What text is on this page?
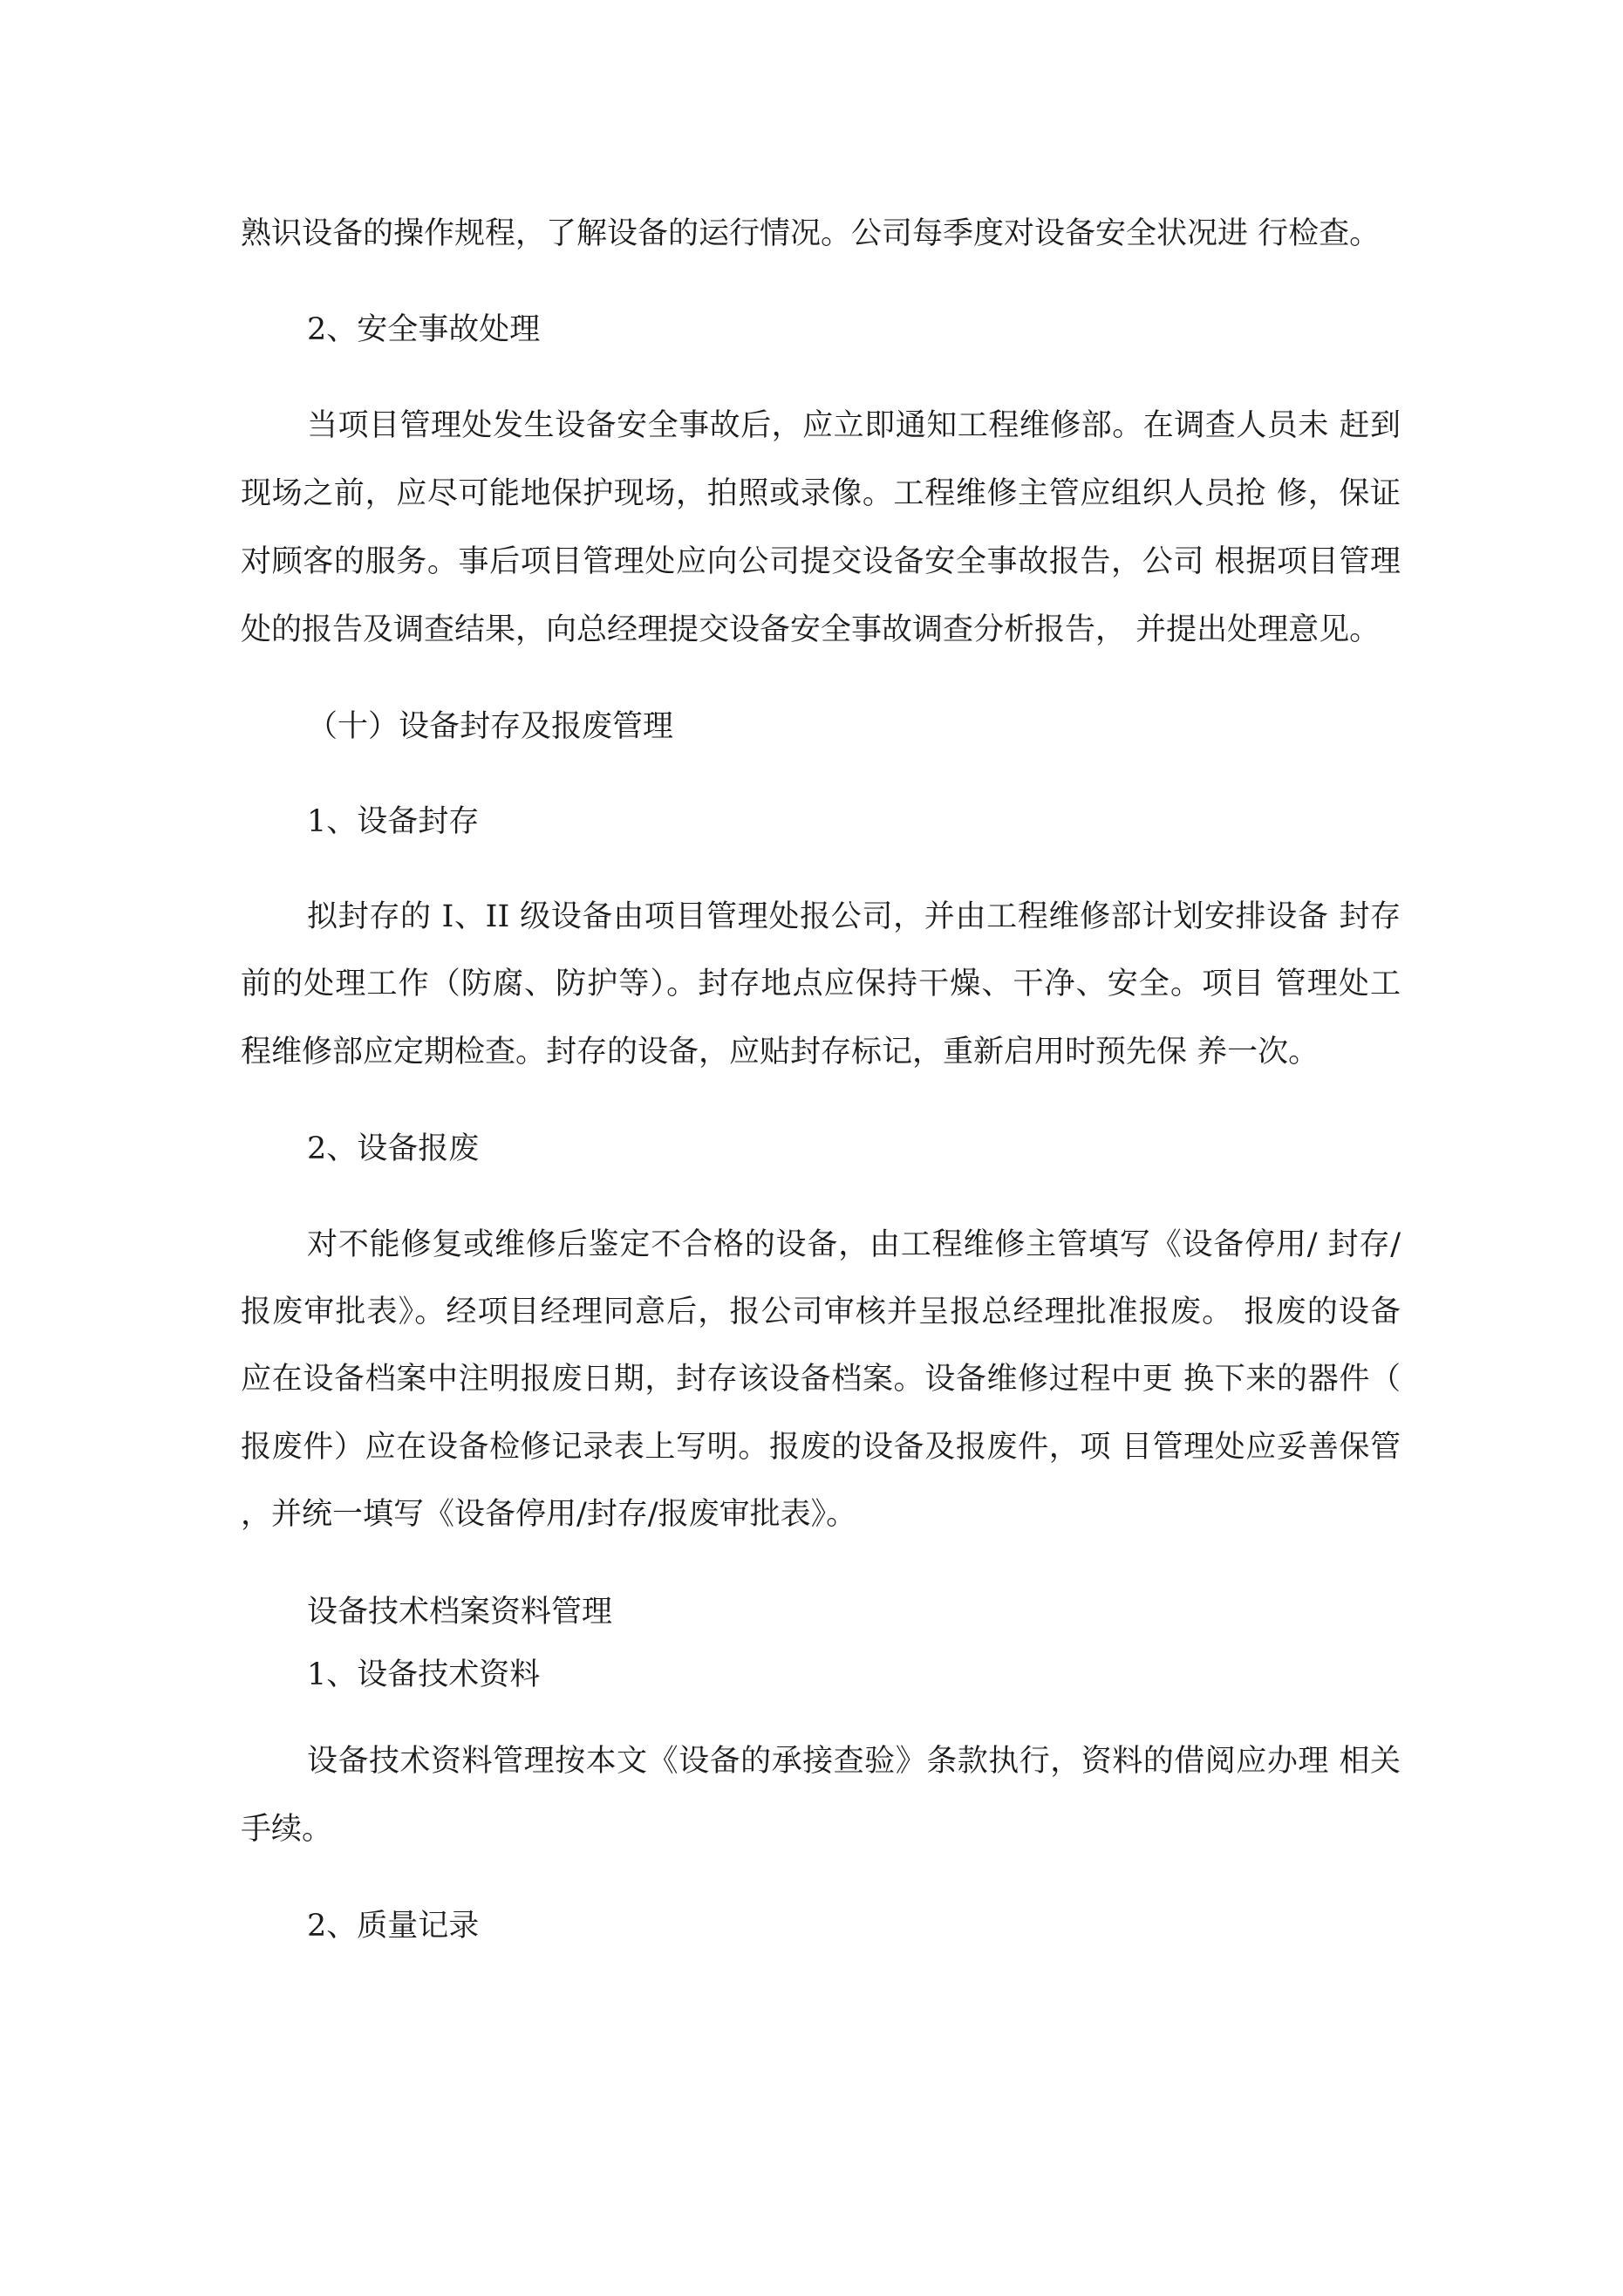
熟识设备的操作规程，了解设备的运行情况。公司每季度对设备安全状况进 行检查。
2、安全事故处理
当项目管理处发生设备安全事故后，应立即通知工程维修部。在调查人员未 赶到
现场之前，应尽可能地保护现场，拍照或录像。工程维修主管应组织人员抢 修，保证
对顾客的服务。事后项目管理处应向公司提交设备安全事故报告，公司 根据项目管理
处的报告及调查结果，向总经理提交设备安全事故调查分析报告， 并提出处理意见。
（十）设备封存及报废管理
1、设备封存
拟封存的 I、II 级设备由项目管理处报公司，并由工程维修部计划安排设备 封存
前的处理工作（防腐、防护等）。封存地点应保持干燥、干净、安全。项目 管理处工
程维修部应定期检查。封存的设备，应贴封存标记，重新启用时预先保 养一次。
2、设备报废
对不能修复或维修后鉴定不合格的设备，由工程维修主管填写《设备停用/ 封存/
报废审批表》。经项目经理同意后，报公司审核并呈报总经理批准报废。 报废的设备
应在设备档案中注明报废日期，封存该设备档案。设备维修过程中更 换下来的器件（
报废件）应在设备检修记录表上写明。报废的设备及报废件，项 目管理处应妥善保管
，并统一填写《设备停用/封存/报废审批表》。
设备技术档案资料管理
1、设备技术资料
设备技术资料管理按本文《设备的承接查验》条款执行，资料的借阅应办理 相关
手续。
2、质量记录
